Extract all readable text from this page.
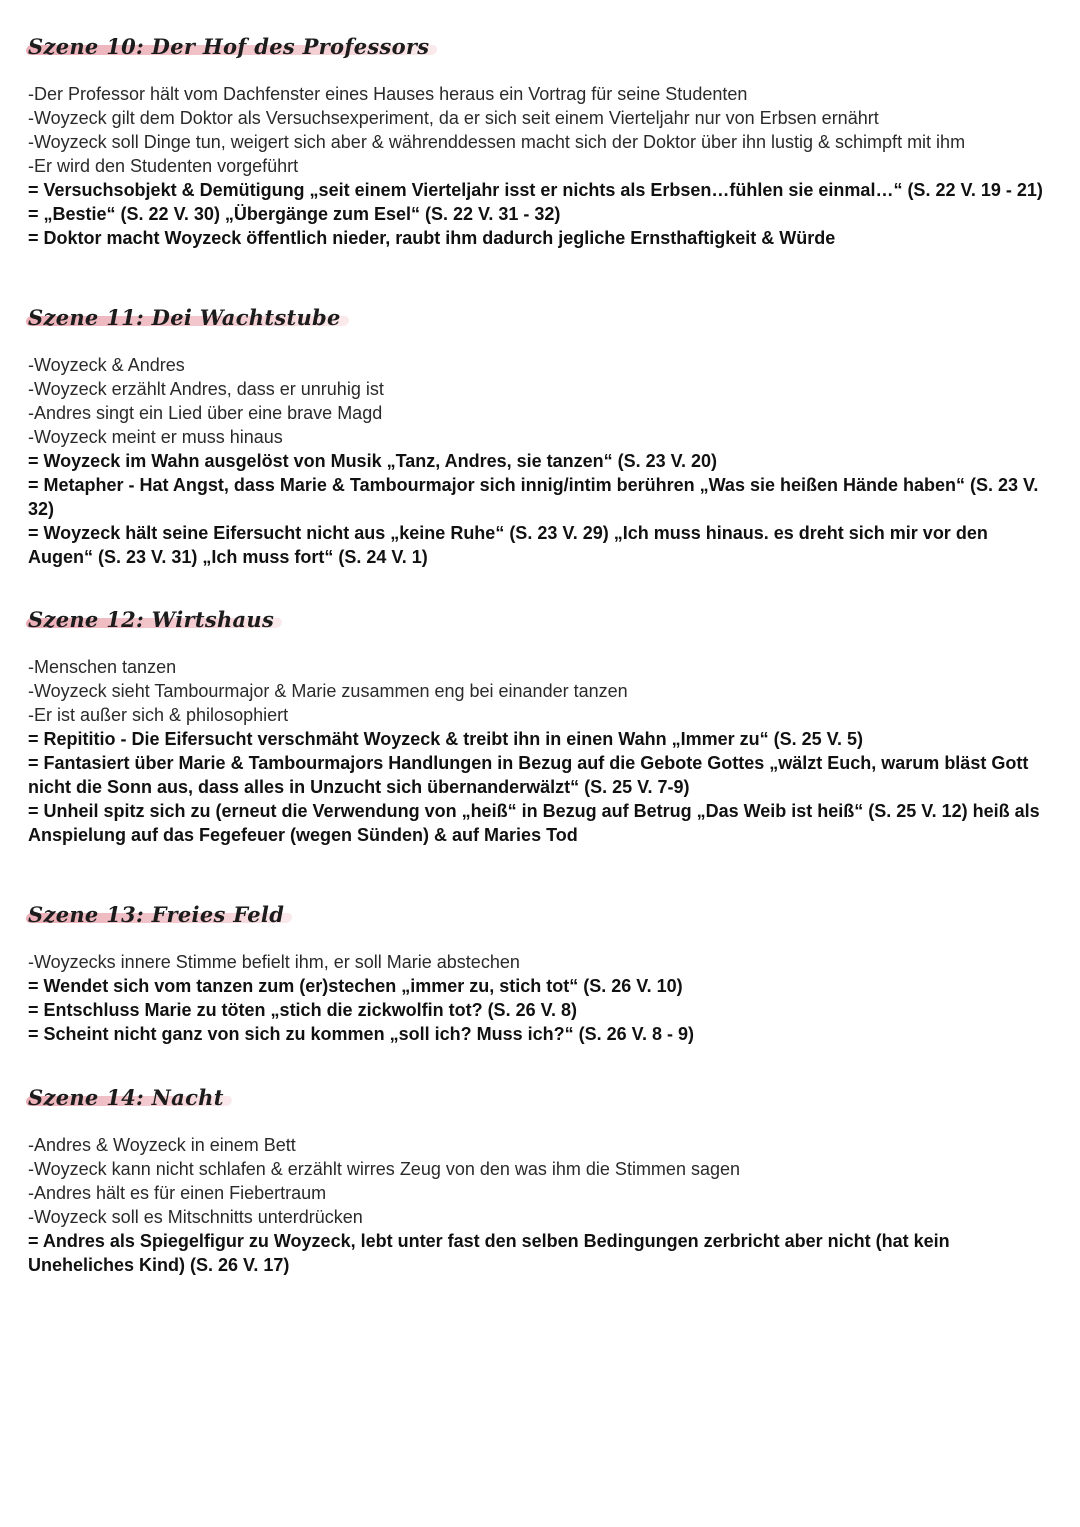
Szene 10: Der Hof des Professors

-Der Professor hält vom Dachfenster eines Hauses heraus ein Vortrag für seine Studenten

-Woyzeck gilt dem Doktor als Versuchsexperiment, da er sich seit einem Vierteljahr nur von Erbsen ernährt

-Woyzeck soll Dinge tun, weigert sich aber & währenddessen macht sich der Doktor über ihn lustig & schimpft mit ihm

-Er wird den Studenten vorgeführt

= Versuchsobjekt & Demütigung „seit einem Vierteljahr isst er nichts als Erbsen…fühlen sie einmal…“ (S. 22 V. 19 - 21) = „Bestie“ (S. 22 V. 30) „Übergänge zum Esel“ (S. 22 V. 31 - 32)

= Doktor macht Woyzeck öffentlich nieder, raubt ihm dadurch jegliche Ernsthaftigkeit & Würde

Szene 11: Dei Wachtstube

-Woyzeck & Andres

-Woyzeck erzählt Andres, dass er unruhig ist

-Andres singt ein Lied über eine brave Magd

-Woyzeck meint er muss hinaus

= Woyzeck im Wahn ausgelöst von Musik „Tanz, Andres, sie tanzen“ (S. 23 V. 20)

= Metapher - Hat Angst, dass Marie & Tambourmajor sich innig/intim berühren „Was sie heißen Hände haben“ (S. 23 V. 32)

= Woyzeck hält seine Eifersucht nicht aus „keine Ruhe“ (S. 23 V. 29) „Ich muss hinaus. es dreht sich mir vor den Augen“ (S. 23 V. 31) „Ich muss fort“ (S. 24 V. 1)

Szene 12: Wirtshaus

-Menschen tanzen

-Woyzeck sieht Tambourmajor & Marie zusammen eng bei einander tanzen

-Er ist außer sich & philosophiert

= Repititio - Die Eifersucht verschmäht Woyzeck & treibt ihn in einen Wahn „Immer zu“ (S. 25 V. 5)

= Fantasiert über Marie & Tambourmajors Handlungen in Bezug auf die Gebote Gottes „wälzt Euch, warum bläst Gott nicht die Sonn aus, dass alles in Unzucht sich übernanderwälzt“ (S. 25 V. 7-9)

= Unheil spitz sich zu (erneut die Verwendung von „heiß“ in Bezug auf Betrug „Das Weib ist heiß“ (S. 25 V. 12) heiß als Anspielung auf das Fegefeuer (wegen Sünden) & auf Maries Tod

Szene 13: Freies Feld

-Woyzecks innere Stimme befielt ihm, er soll Marie abstechen

= Wendet sich vom tanzen zum (er)stechen „immer zu, stich tot“ (S. 26 V. 10)

= Entschluss Marie zu töten „stich die zickwolfin tot? (S. 26 V. 8)

= Scheint nicht ganz von sich zu kommen „soll ich? Muss ich?“ (S. 26 V. 8 - 9)

Szene 14: Nacht

-Andres & Woyzeck in einem Bett

-Woyzeck kann nicht schlafen & erzählt wirres Zeug von den was ihm die Stimmen sagen

-Andres hält es für einen Fiebertraum

-Woyzeck soll es Mitschnitts unterdrücken

= Andres als Spiegelfigur zu Woyzeck, lebt unter fast den selben Bedingungen zerbricht aber nicht (hat kein Uneheliches Kind) (S. 26 V. 17)
